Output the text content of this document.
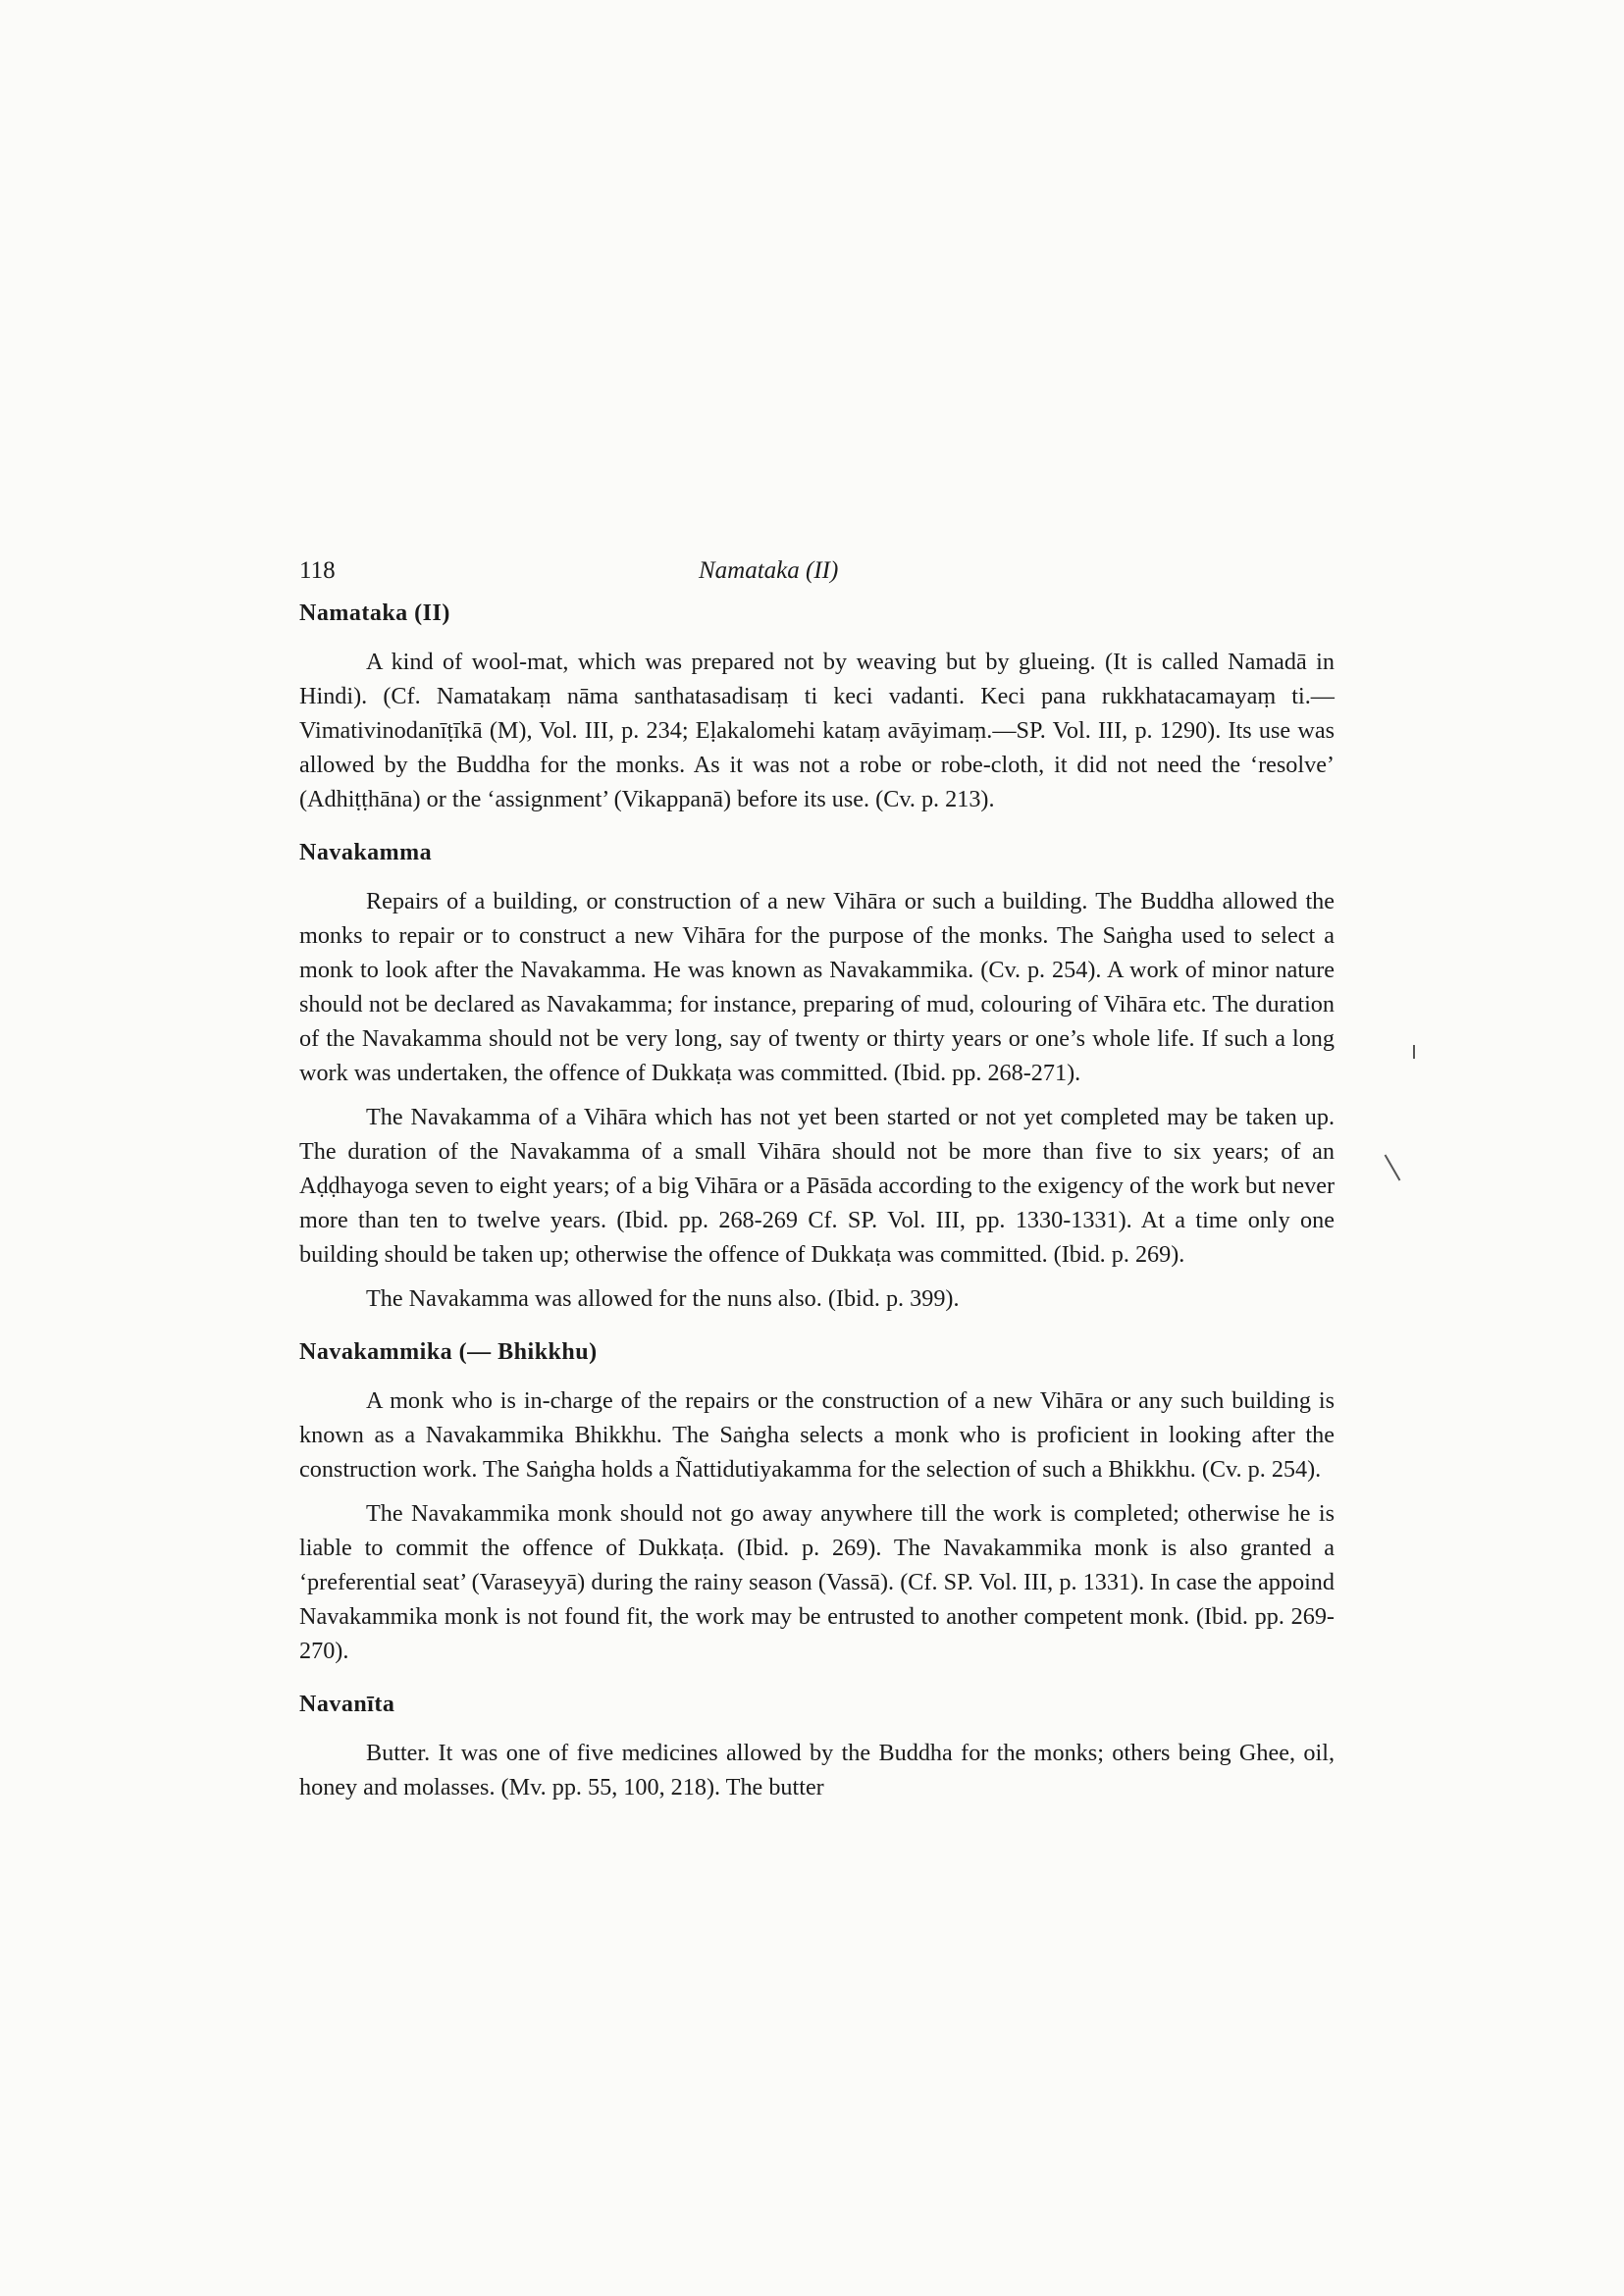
118	Namataka (II)
Namataka (II)

A kind of wool-mat, which was prepared not by weaving but by glueing. (It is called Namadā in Hindi). (Cf. Namatakaṃ nāma santhatasadisaṃ ti keci vadanti. Keci pana rukkhatacamayaṃ ti.—Vimativinodanīṭīkā (M), Vol. III, p. 234; Eḷakalomehi kataṃ avāyimaṃ.—SP. Vol. III, p. 1290). Its use was allowed by the Buddha for the monks. As it was not a robe or robe-cloth, it did not need the ‘resolve’ (Adhiṭṭhāna) or the ‘assignment’ (Vikappanā) before its use. (Cv. p. 213).

Navakamma

Repairs of a building, or construction of a new Vihāra or such a building. The Buddha allowed the monks to repair or to construct a new Vihāra for the purpose of the monks. The Saṅgha used to select a monk to look after the Navakamma. He was known as Navakammika. (Cv. p. 254). A work of minor nature should not be declared as Navakamma; for instance, preparing of mud, colouring of Vihāra etc. The duration of the Navakamma should not be very long, say of twenty or thirty years or one’s whole life. If such a long work was undertaken, the offence of Dukkaṭa was committed. (Ibid. pp. 268-271).

The Navakamma of a Vihāra which has not yet been started or not yet completed may be taken up. The duration of the Navakamma of a small Vihāra should not be more than five to six years; of an Aḍḍhayoga seven to eight years; of a big Vihāra or a Pāsāda according to the exigency of the work but never more than ten to twelve years. (Ibid. pp. 268-269 Cf. SP. Vol. III, pp. 1330-1331). At a time only one building should be taken up; otherwise the offence of Dukkaṭa was committed. (Ibid. p. 269).

The Navakamma was allowed for the nuns also. (Ibid. p. 399).

Navakammika (— Bhikkhu)

A monk who is in-charge of the repairs or the construction of a new Vihāra or any such building is known as a Navakammika Bhikkhu. The Saṅgha selects a monk who is proficient in looking after the construction work. The Saṅgha holds a Ñattidutiyakamma for the selection of such a Bhikkhu. (Cv. p. 254).

The Navakammika monk should not go away anywhere till the work is completed; otherwise he is liable to commit the offence of Dukkaṭa. (Ibid. p. 269). The Navakammika monk is also granted a ‘preferential seat’ (Varaseyyā) during the rainy season (Vassā). (Cf. SP. Vol. III, p. 1331). In case the appoind Navakammika monk is not found fit, the work may be entrusted to another competent monk. (Ibid. pp. 269-270).

Navanīta

Butter. It was one of five medicines allowed by the Buddha for the monks; others being Ghee, oil, honey and molasses. (Mv. pp. 55, 100, 218). The butter
